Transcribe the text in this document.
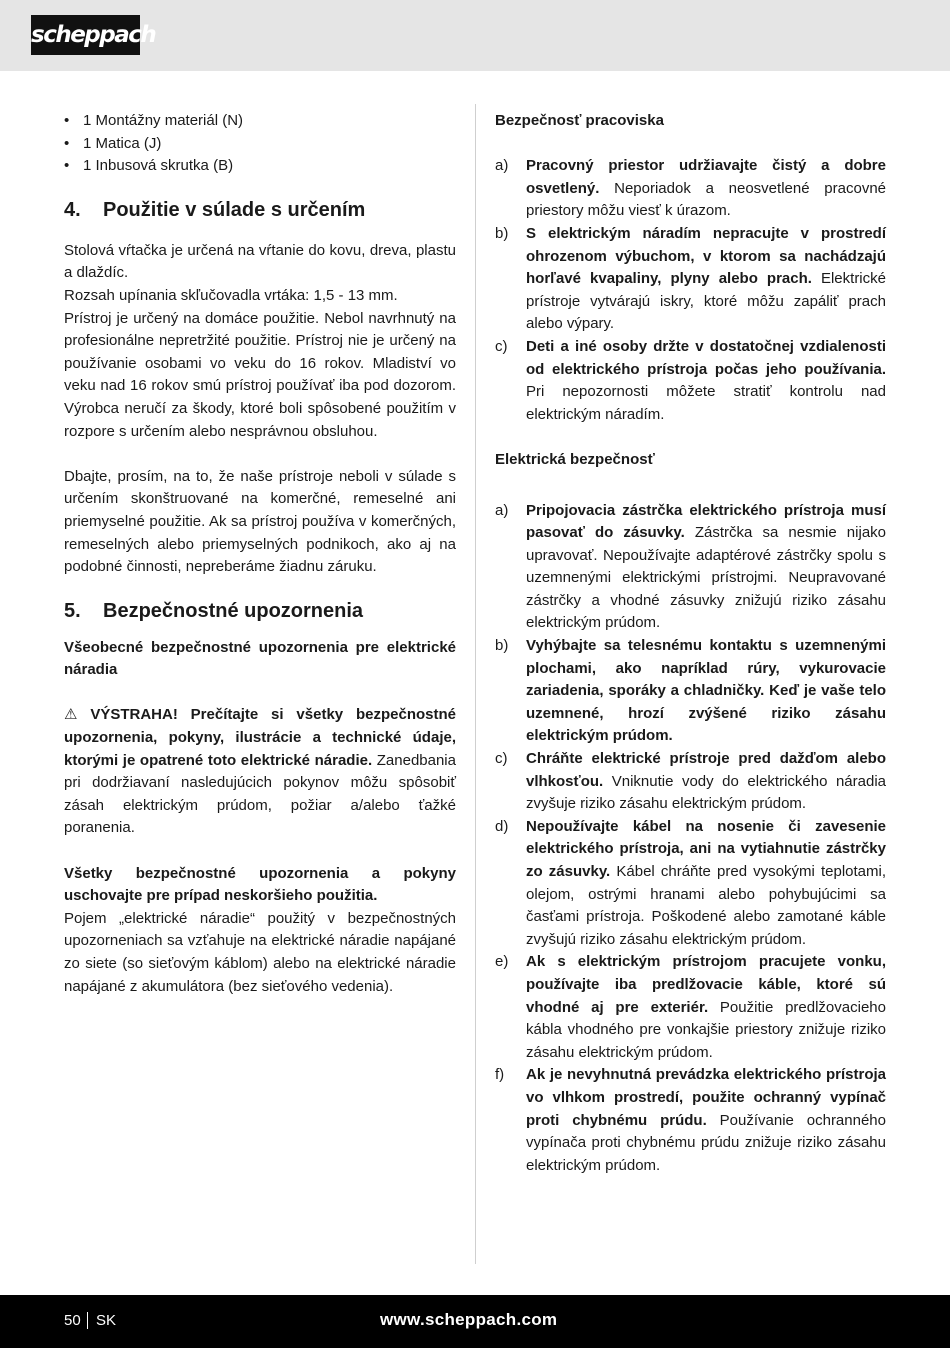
scheppach
• 1 Montážny materiál (N)
• 1 Matica (J)
• 1 Inbusová skrutka (B)
4. Použitie v súlade s určením

Stolová vŕtačka je určená na vŕtanie do kovu, dreva, plastu a dlaždíc.

Rozsah upínania skľučovadla vrtáka: 1,5 - 13 mm.

Prístroj je určený na domáce použitie. Nebol navrhnutý na profesionálne nepretržité použitie. Prístroj nie je určený na používanie osobami vo veku do 16 rokov. Mladiství vo veku nad 16 rokov smú prístroj používať iba pod dozorom. Výrobca neručí za škody, ktoré boli spôsobené použitím v rozpore s určením alebo nesprávnou obsluhou.

Dbajte, prosím, na to, že naše prístroje neboli v súlade s určením skonštruované na komerčné, remeselné ani priemyselné použitie. Ak sa prístroj používa v komerčných, remeselných alebo priemyselných podnikoch, ako aj na podobné činnosti, nepreberáme žiadnu záruku.

5. Bezpečnostné upozornenia

Všeobecné bezpečnostné upozornenia pre elektrické náradia

⚠ VÝSTRAHA! Prečítajte si všetky bezpečnostné upozornenia, pokyny, ilustrácie a technické údaje, ktorými je opatrené toto elektrické náradie. Zanedbania pri dodržiavaní nasledujúcich pokynov môžu spôsobiť zásah elektrickým prúdom, požiar a/alebo ťažké poranenia.

Všetky bezpečnostné upozornenia a pokyny uschovajte pre prípad neskoršieho použitia.

Pojem „elektrické náradie“ použitý v bezpečnostných upozorneniach sa vzťahuje na elektrické náradie napájané zo siete (so sieťovým káblom) alebo na elektrické náradie napájané z akumulátora (bez sieťového vedenia).

Bezpečnosť pracoviska

a) Pracovný priestor udržiavajte čistý a dobre osvetlený. Neporiadok a neosvetlené pracovné priestory môžu viesť k úrazom.
b) S elektrickým náradím nepracujte v prostredí ohrozenom výbuchom, v ktorom sa nachádzajú horľavé kvapaliny, plyny alebo prach. Elektrické prístroje vytvárajú iskry, ktoré môžu zapáliť prach alebo výpary.
c) Deti a iné osoby držte v dostatočnej vzdialenosti od elektrického prístroja počas jeho používania. Pri nepozornosti môžete stratiť kontrolu nad elektrickým náradím.

Elektrická bezpečnosť

a) Pripojovacia zástrčka elektrického prístroja musí pasovať do zásuvky. Zástrčka sa nesmie nijako upravovať. Nepoužívajte adaptérové zástrčky spolu s uzemnenými elektrickými prístrojmi. Neupravované zástrčky a vhodné zásuvky znižujú riziko zásahu elektrickým prúdom.
b) Vyhýbajte sa telesnému kontaktu s uzemnenými plochami, ako napríklad rúry, vykurovacie zariadenia, sporáky a chladničky. Keď je vaše telo uzemnené, hrozí zvýšené riziko zásahu elektrickým prúdom.
c) Chráňte elektrické prístroje pred dažďom alebo vlhkosťou. Vniknutie vody do elektrického náradia zvyšuje riziko zásahu elektrickým prúdom.
d) Nepoužívajte kábel na nosenie či zavesenie elektrického prístroja, ani na vytiahnutie zástrčky zo zásuvky. Kábel chráňte pred vysokými teplotami, olejom, ostrými hranami alebo pohybujúcimi sa časťami prístroja. Poškodené alebo zamotané káble zvyšujú riziko zásahu elektrickým prúdom.
e) Ak s elektrickým prístrojom pracujete vonku, používajte iba predlžovacie káble, ktoré sú vhodné aj pre exteriér. Použitie predlžovacieho kábla vhodného pre vonkajšie priestory znižuje riziko zásahu elektrickým prúdom.
f) Ak je nevyhnutná prevádzka elektrického prístroja vo vlhkom prostredí, použite ochranný vypínač proti chybnému prúdu. Používanie ochranného vypínača proti chybnému prúdu znižuje riziko zásahu elektrickým prúdom.
50 SK	www.scheppach.com
